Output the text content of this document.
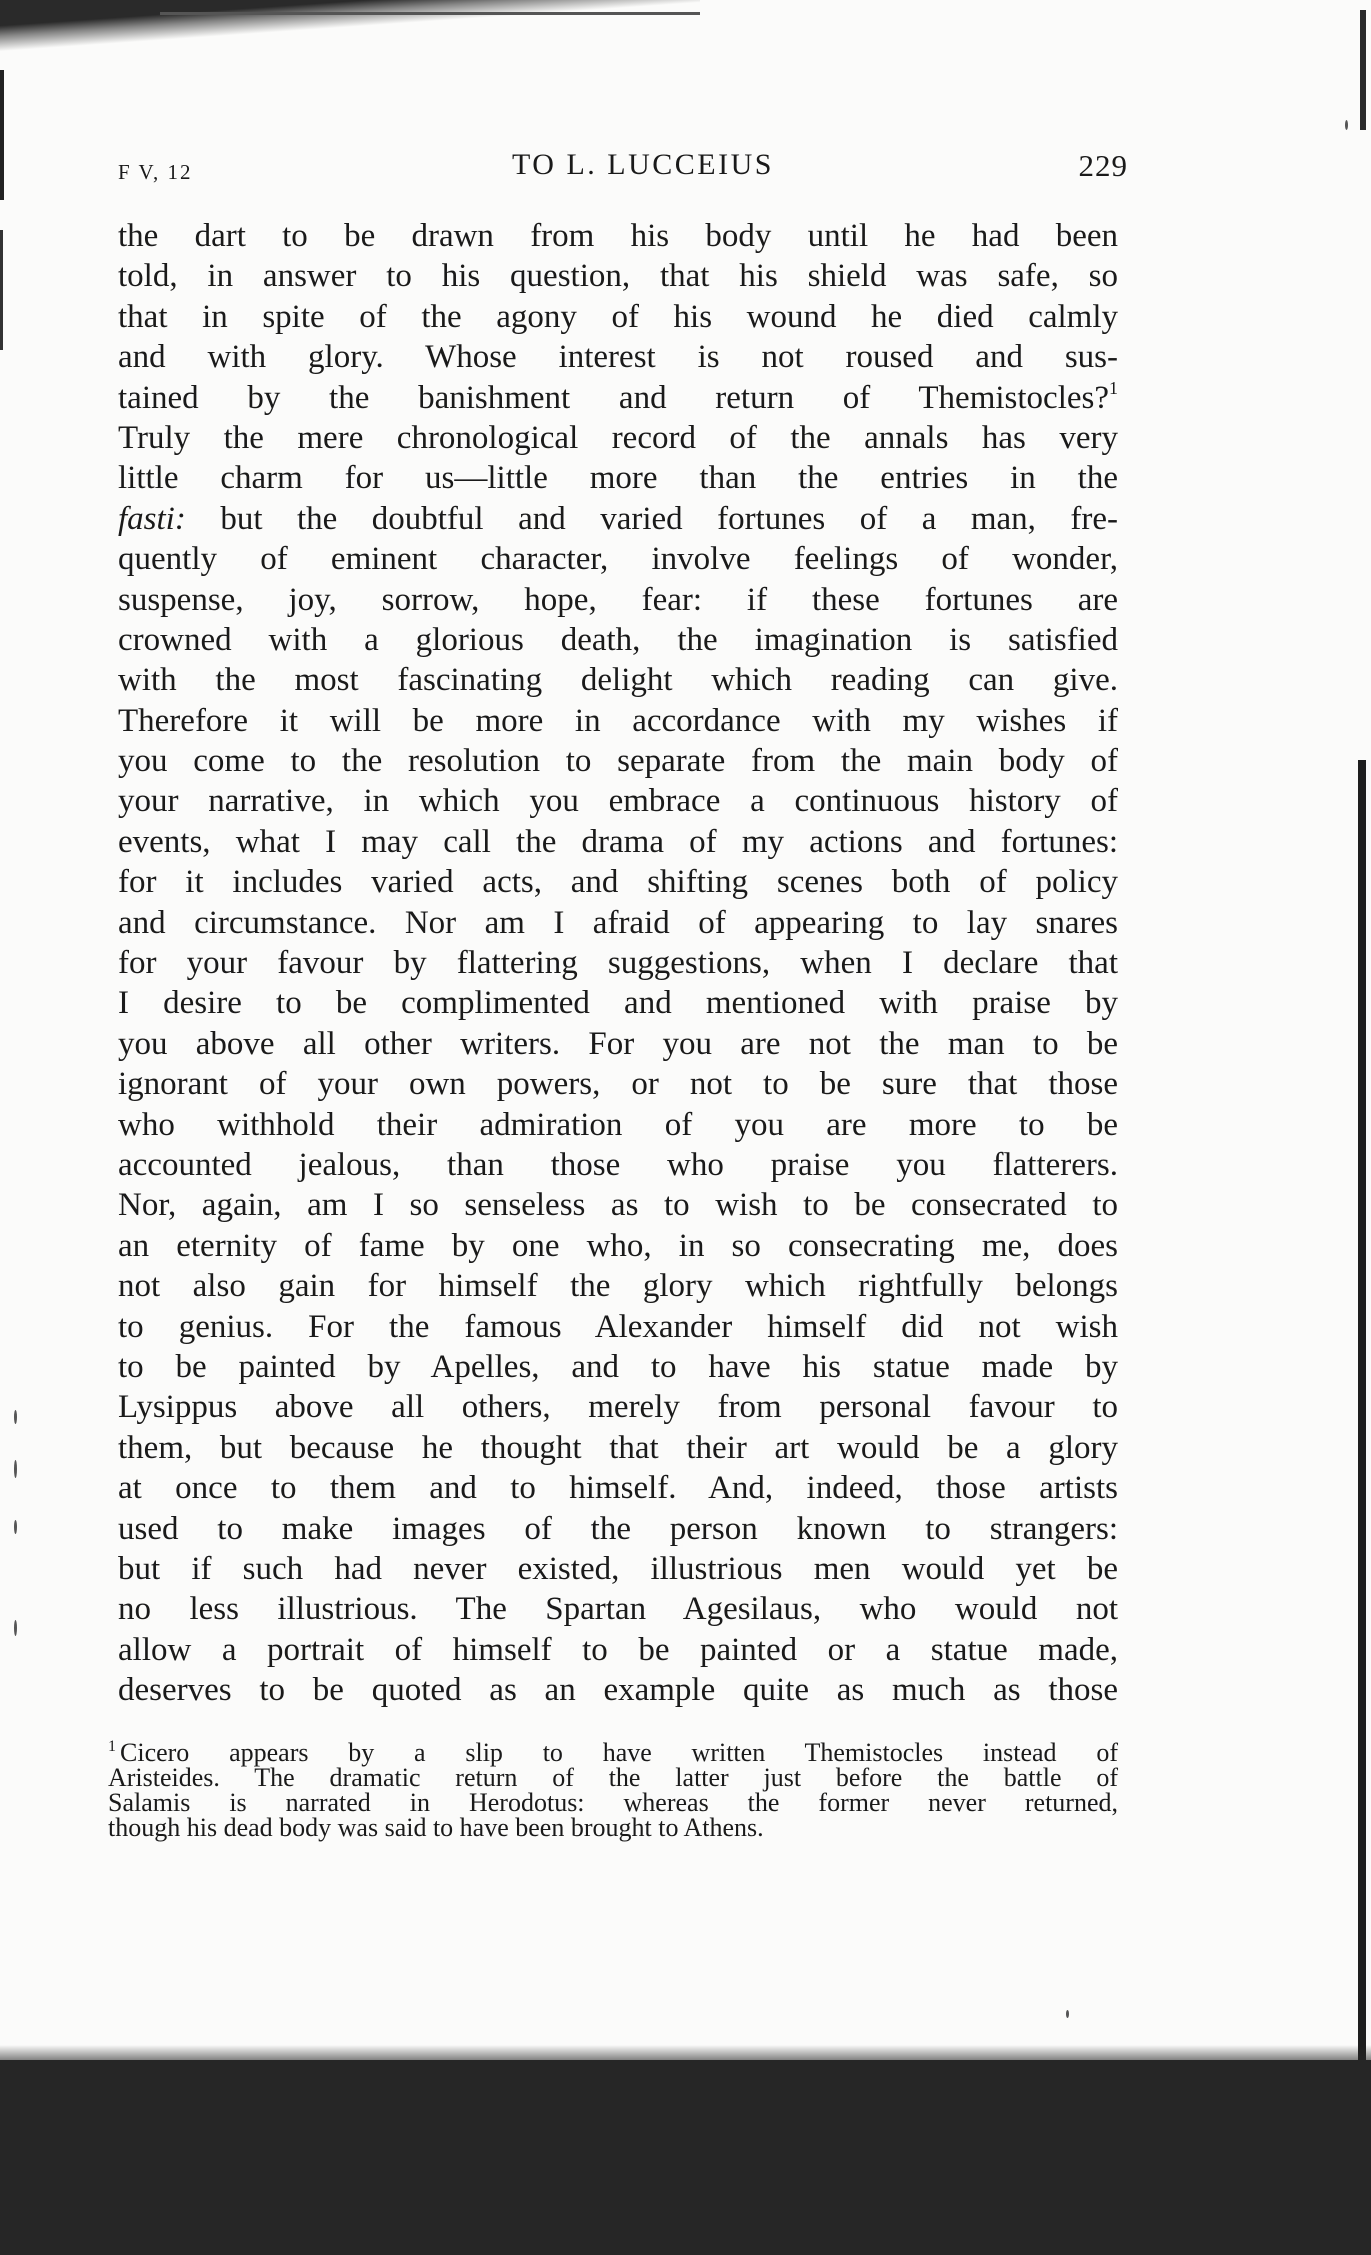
F V, 12	TO L. LUCCEIUS	229
the dart to be drawn from his body until he had been
told, in answer to his question, that his shield was safe, so
that in spite of the agony of his wound he died calmly
and with glory. Whose interest is not roused and sus-
tained by the banishment and return of Themistocles?$^1$
Truly the mere chronological record of the annals has very
little charm for us—little more than the entries in the
fasti: but the doubtful and varied fortunes of a man, fre-
quently of eminent character, involve feelings of wonder,
suspense, joy, sorrow, hope, fear: if these fortunes are
crowned with a glorious death, the imagination is satisfied
with the most fascinating delight which reading can give.
Therefore it will be more in accordance with my wishes if
you come to the resolution to separate from the main body of
your narrative, in which you embrace a continuous history of
events, what I may call the drama of my actions and fortunes:
for it includes varied acts, and shifting scenes both of policy
and circumstance. Nor am I afraid of appearing to lay snares
for your favour by flattering suggestions, when I declare that
I desire to be complimented and mentioned with praise by
you above all other writers. For you are not the man to be
ignorant of your own powers, or not to be sure that those
who withhold their admiration of you are more to be
accounted jealous, than those who praise you flatterers.
Nor, again, am I so senseless as to wish to be consecrated to
an eternity of fame by one who, in so consecrating me, does
not also gain for himself the glory which rightfully belongs
to genius. For the famous Alexander himself did not wish
to be painted by Apelles, and to have his statue made by
Lysippus above all others, merely from personal favour to
them, but because he thought that their art would be a glory
at once to them and to himself. And, indeed, those artists
used to make images of the person known to strangers:
but if such had never existed, illustrious men would yet be
no less illustrious. The Spartan Agesilaus, who would not
allow a portrait of himself to be painted or a statue made,
deserves to be quoted as an example quite as much as those
$^1$ Cicero appears by a slip to have written Themistocles instead of
Aristeides. The dramatic return of the latter just before the battle of
Salamis is narrated in Herodotus: whereas the former never returned,
though his dead body was said to have been brought to Athens.
